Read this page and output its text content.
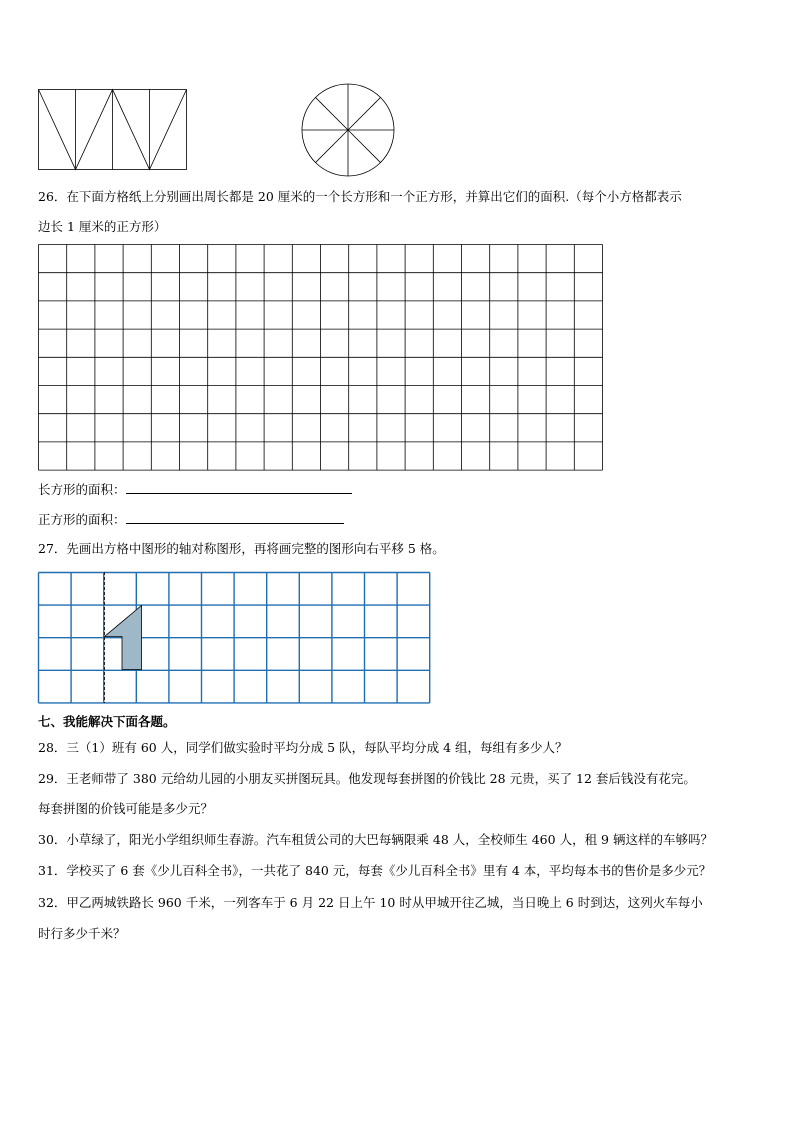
26．在下面方格纸上分别画出周长都是 20 厘米的一个长方形和一个正方形，并算出它们的面积.（每个小方格都表示
边长 1 厘米的正方形）
长方形的面积：
正方形的面积：
27．先画出方格中图形的轴对称图形，再将画完整的图形向右平移 5 格。
七、我能解决下面各题。
28．三（1）班有 60 人，同学们做实验时平均分成 5 队，每队平均分成 4 组，每组有多少人？
29．王老师带了 380 元给幼儿园的小朋友买拼图玩具。他发现每套拼图的价钱比 28 元贵，买了 12 套后钱没有花完。
每套拼图的价钱可能是多少元？
30．小草绿了，阳光小学组织师生春游。汽车租赁公司的大巴每辆限乘 48 人，全校师生 460 人，租 9 辆这样的车够吗？
31．学校买了 6 套《少儿百科全书》，一共花了 840 元，每套《少儿百科全书》里有 4 本，平均每本书的售价是多少元？
32．甲乙两城铁路长 960 千米，一列客车于 6 月 22 日上午 10 时从甲城开往乙城，当日晚上 6 时到达，这列火车每小
时行多少千米？
